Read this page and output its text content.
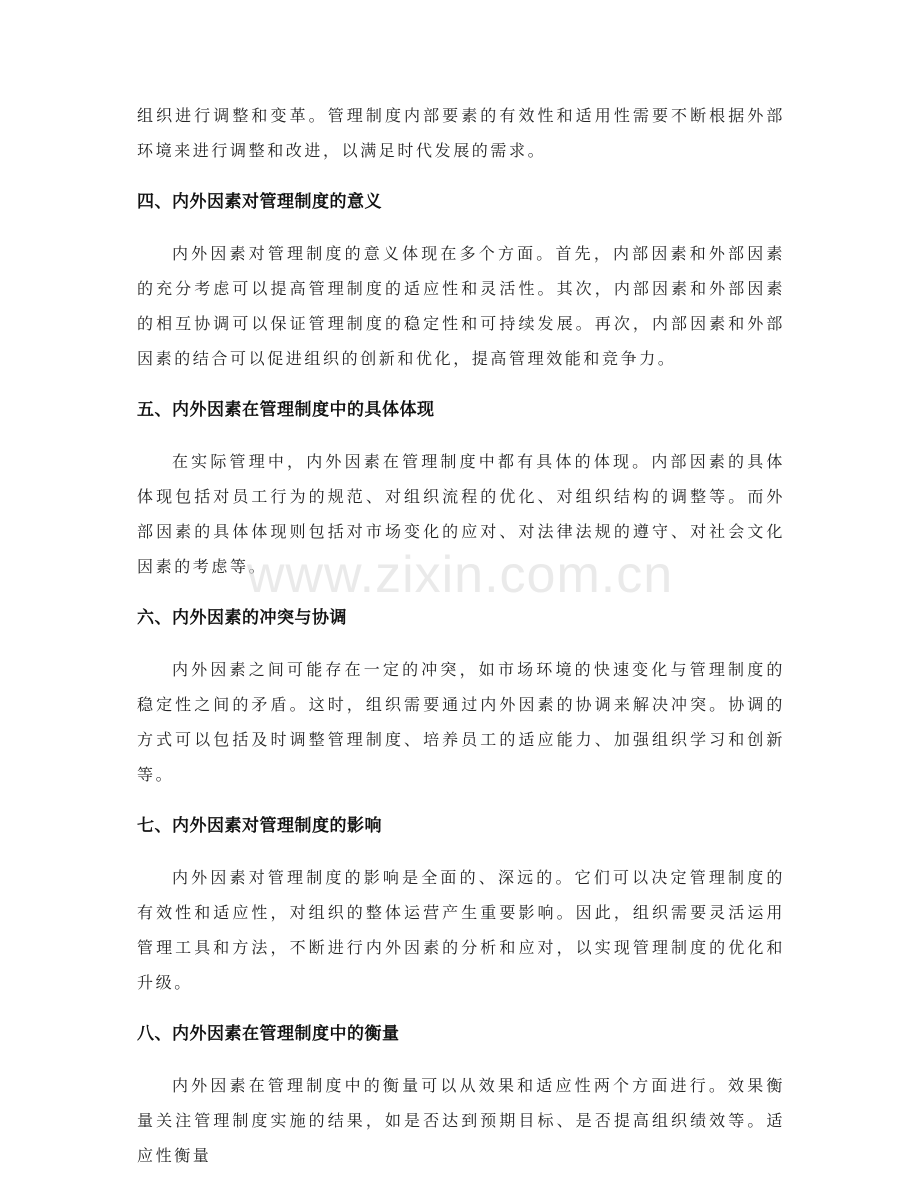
组织进行调整和变革。管理制度内部要素的有效性和适用性需要不断根据外部环境来进行调整和改进，以满足时代发展的需求。

四、内外因素对管理制度的意义

内外因素对管理制度的意义体现在多个方面。首先，内部因素和外部因素的充分考虑可以提高管理制度的适应性和灵活性。其次，内部因素和外部因素的相互协调可以保证管理制度的稳定性和可持续发展。再次，内部因素和外部因素的结合可以促进组织的创新和优化，提高管理效能和竞争力。

五、内外因素在管理制度中的具体体现

在实际管理中，内外因素在管理制度中都有具体的体现。内部因素的具体体现包括对员工行为的规范、对组织流程的优化、对组织结构的调整等。而外部因素的具体体现则包括对市场变化的应对、对法律法规的遵守、对社会文化因素的考虑等。

六、内外因素的冲突与协调

内外因素之间可能存在一定的冲突，如市场环境的快速变化与管理制度的稳定性之间的矛盾。这时，组织需要通过内外因素的协调来解决冲突。协调的方式可以包括及时调整管理制度、培养员工的适应能力、加强组织学习和创新等。

七、内外因素对管理制度的影响

内外因素对管理制度的影响是全面的、深远的。它们可以决定管理制度的有效性和适应性，对组织的整体运营产生重要影响。因此，组织需要灵活运用管理工具和方法，不断进行内外因素的分析和应对，以实现管理制度的优化和升级。

八、内外因素在管理制度中的衡量

内外因素在管理制度中的衡量可以从效果和适应性两个方面进行。效果衡量关注管理制度实施的结果，如是否达到预期目标、是否提高组织绩效等。适应性衡量

www.zixin.com.cn
